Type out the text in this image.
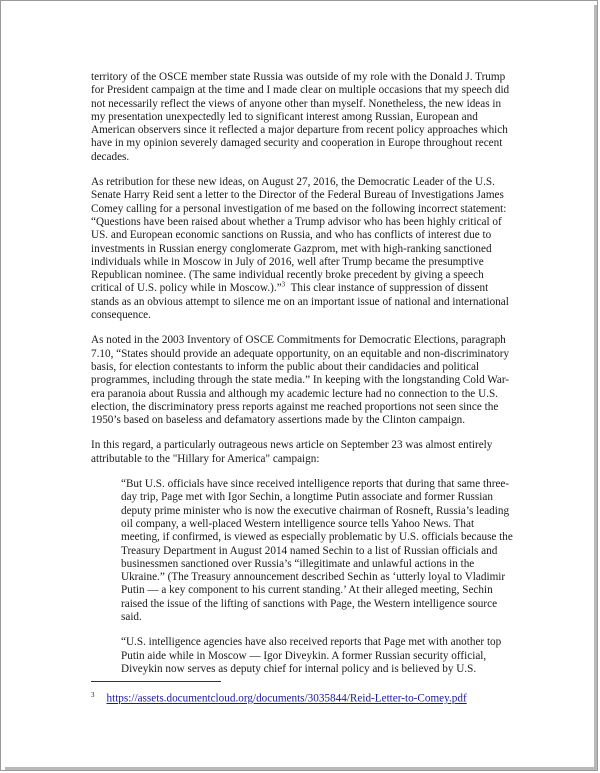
territory of the OSCE member state Russia was outside of my role with the Donald J. Trump for President campaign at the time and I made clear on multiple occasions that my speech did not necessarily reflect the views of anyone other than myself. Nonetheless, the new ideas in my presentation unexpectedly led to significant interest among Russian, European and American observers since it reflected a major departure from recent policy approaches which have in my opinion severely damaged security and cooperation in Europe throughout recent decades.

As retribution for these new ideas, on August 27, 2016, the Democratic Leader of the U.S. Senate Harry Reid sent a letter to the Director of the Federal Bureau of Investigations James Comey calling for a personal investigation of me based on the following incorrect statement: “Questions have been raised about whether a Trump advisor who has been highly critical of US. and European economic sanctions on Russia, and who has conflicts of interest due to investments in Russian energy conglomerate Gazprom, met with high-ranking sanctioned individuals while in Moscow in July of 2016, well after Trump became the presumptive Republican nominee. (The same individual recently broke precedent by giving a speech critical of U.S. policy while in Moscow.).”$^3$ This clear instance of suppression of dissent stands as an obvious attempt to silence me on an important issue of national and international consequence.

As noted in the 2003 Inventory of OSCE Commitments for Democratic Elections, paragraph 7.10, “States should provide an adequate opportunity, on an equitable and non-discriminatory basis, for election contestants to inform the public about their candidacies and political programmes, including through the state media.” In keeping with the longstanding Cold War-era paranoia about Russia and although my academic lecture had no connection to the U.S. election, the discriminatory press reports against me reached proportions not seen since the 1950’s based on baseless and defamatory assertions made by the Clinton campaign.

In this regard, a particularly outrageous news article on September 23 was almost entirely attributable to the "Hillary for America" campaign:

“But U.S. officials have since received intelligence reports that during that same three-day trip, Page met with Igor Sechin, a longtime Putin associate and former Russian deputy prime minister who is now the executive chairman of Rosneft, Russia’s leading oil company, a well-placed Western intelligence source tells Yahoo News. That meeting, if confirmed, is viewed as especially problematic by U.S. officials because the Treasury Department in August 2014 named Sechin to a list of Russian officials and businessmen sanctioned over Russia’s “illegitimate and unlawful actions in the Ukraine.” (The Treasury announcement described Sechin as ‘utterly loyal to Vladimir Putin — a key component to his current standing.’ At their alleged meeting, Sechin raised the issue of the lifting of sanctions with Page, the Western intelligence source said.

“U.S. intelligence agencies have also received reports that Page met with another top Putin aide while in Moscow — Igor Diveykin. A former Russian security official, Diveykin now serves as deputy chief for internal policy and is believed by U.S.

$^3$ https://assets.documentcloud.org/documents/3035844/Reid-Letter-to-Comey.pdf
